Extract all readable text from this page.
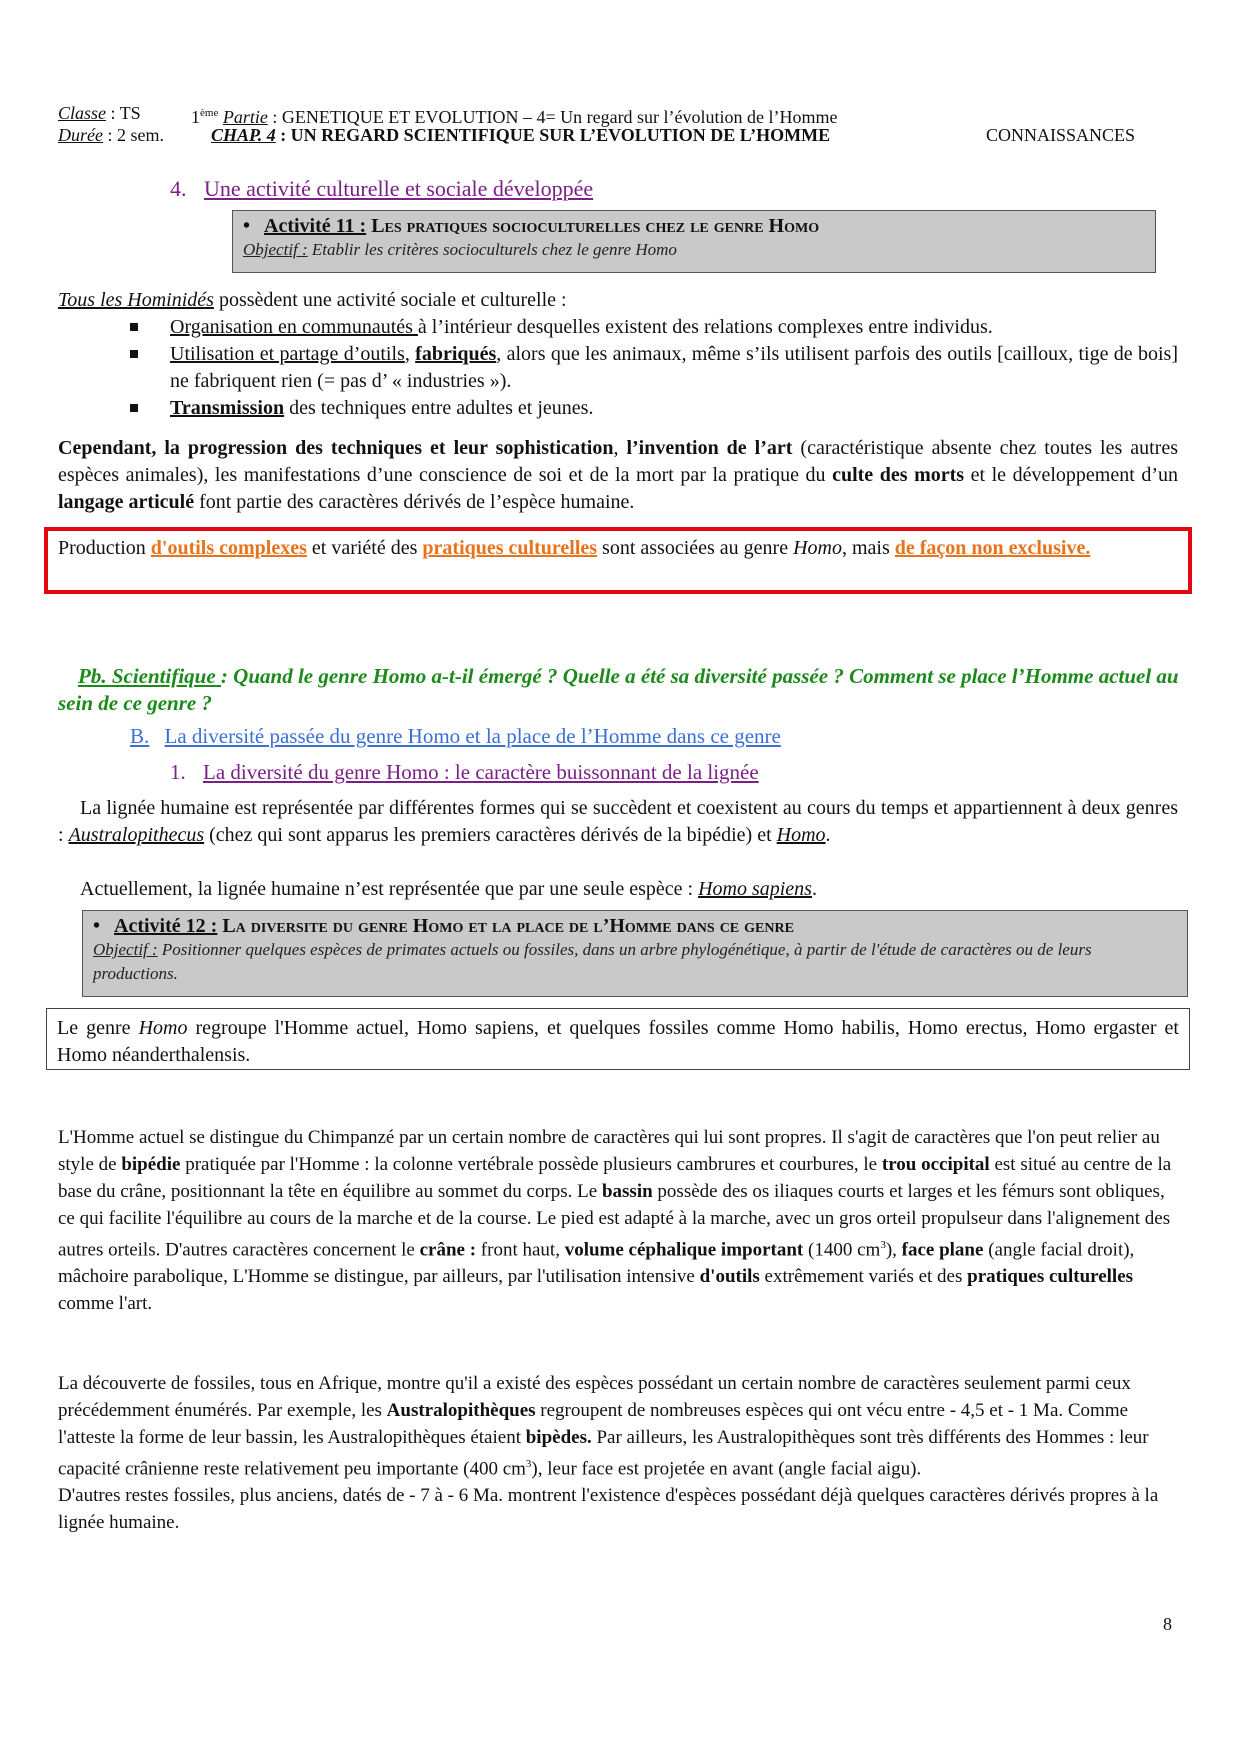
Classe : TS	1ème Partie : GENETIQUE ET EVOLUTION – 4= Un regard sur l’évolution de l’Homme
Durée : 2 sem.	CHAP. 4 : UN REGARD SCIENTIFIQUE SUR L’EVOLUTION DE L’HOMME	CONNAISSANCES
4. Une activité culturelle et sociale développée
• Activité 11 : Les pratiques socioculturelles chez le genre Homo
Objectif : Etablir les critères socioculturels chez le genre Homo
Tous les Hominidés possèdent une activité sociale et culturelle :
Organisation en communautés à l’intérieur desquelles existent des relations complexes entre individus.
Utilisation et partage d’outils, fabriqués, alors que les animaux, même s’ils utilisent parfois des outils [cailloux, tige de bois] ne fabriquent rien (= pas d’ « industries »).
Transmission des techniques entre adultes et jeunes.
Cependant, la progression des techniques et leur sophistication, l’invention de l’art (caractéristique absente chez toutes les autres espèces animales), les manifestations d’une conscience de soi et de la mort par la pratique du culte des morts et le développement d’un langage articulé font partie des caractères dérivés de l’espèce humaine.
Production d'outils complexes et variété des pratiques culturelles sont associées au genre Homo, mais de façon non exclusive.
Pb. Scientifique : Quand le genre Homo a-t-il émergé ? Quelle a été sa diversité passée ? Comment se place l’Homme actuel au sein de ce genre ?
B. La diversité passée du genre Homo et la place de l’Homme dans ce genre
1. La diversité du genre Homo : le caractère buissonnant de la lignée
La lignée humaine est représentée par différentes formes qui se succèdent et coexistent au cours du temps et appartiennent à deux genres : Australopithecus (chez qui sont apparus les premiers caractères dérivés de la bipédie) et Homo.
Actuellement, la lignée humaine n’est représentée que par une seule espèce : Homo sapiens.
• Activité 12 : La diversite du genre Homo et la place de l’Homme dans ce genre
Objectif : Positionner quelques espèces de primates actuels ou fossiles, dans un arbre phylogénétique, à partir de l'étude de caractères ou de leurs productions.
Le genre Homo regroupe l'Homme actuel, Homo sapiens, et quelques fossiles comme Homo habilis, Homo erectus, Homo ergaster et Homo néanderthalensis.
L'Homme actuel se distingue du Chimpanzé par un certain nombre de caractères qui lui sont propres. Il s'agit de caractères que l'on peut relier au style de bipédie pratiquée par l'Homme : la colonne vertébrale possède plusieurs cambrures et courbures, le trou occipital est situé au centre de la base du crâne, positionnant la tête en équilibre au sommet du corps. Le bassin possède des os iliaques courts et larges et les fémurs sont obliques, ce qui facilite l'équilibre au cours de la marche et de la course. Le pied est adapté à la marche, avec un gros orteil propulseur dans l'alignement des autres orteils. D'autres caractères concernent le crâne : front haut, volume céphalique important (1400 $cm^3$), face plane (angle facial droit), mâchoire parabolique, L'Homme se distingue, par ailleurs, par l'utilisation intensive d'outils extrêmement variés et des pratiques culturelles comme l'art.
La découverte de fossiles, tous en Afrique, montre qu'il a existé des espèces possédant un certain nombre de caractères seulement parmi ceux précédemment énumérés. Par exemple, les Australopithèques regroupent de nombreuses espèces qui ont vécu entre - 4,5 et - 1 Ma. Comme l'atteste la forme de leur bassin, les Australopithèques étaient bipèdes. Par ailleurs, les Australopithèques sont très différents des Hommes : leur capacité crânienne reste relativement peu importante (400 $cm^3$), leur face est projetée en avant (angle facial aigu).
D'autres restes fossiles, plus anciens, datés de - 7 à - 6 Ma. montrent l'existence d'espèces possédant déjà quelques caractères dérivés propres à la lignée humaine.
8
